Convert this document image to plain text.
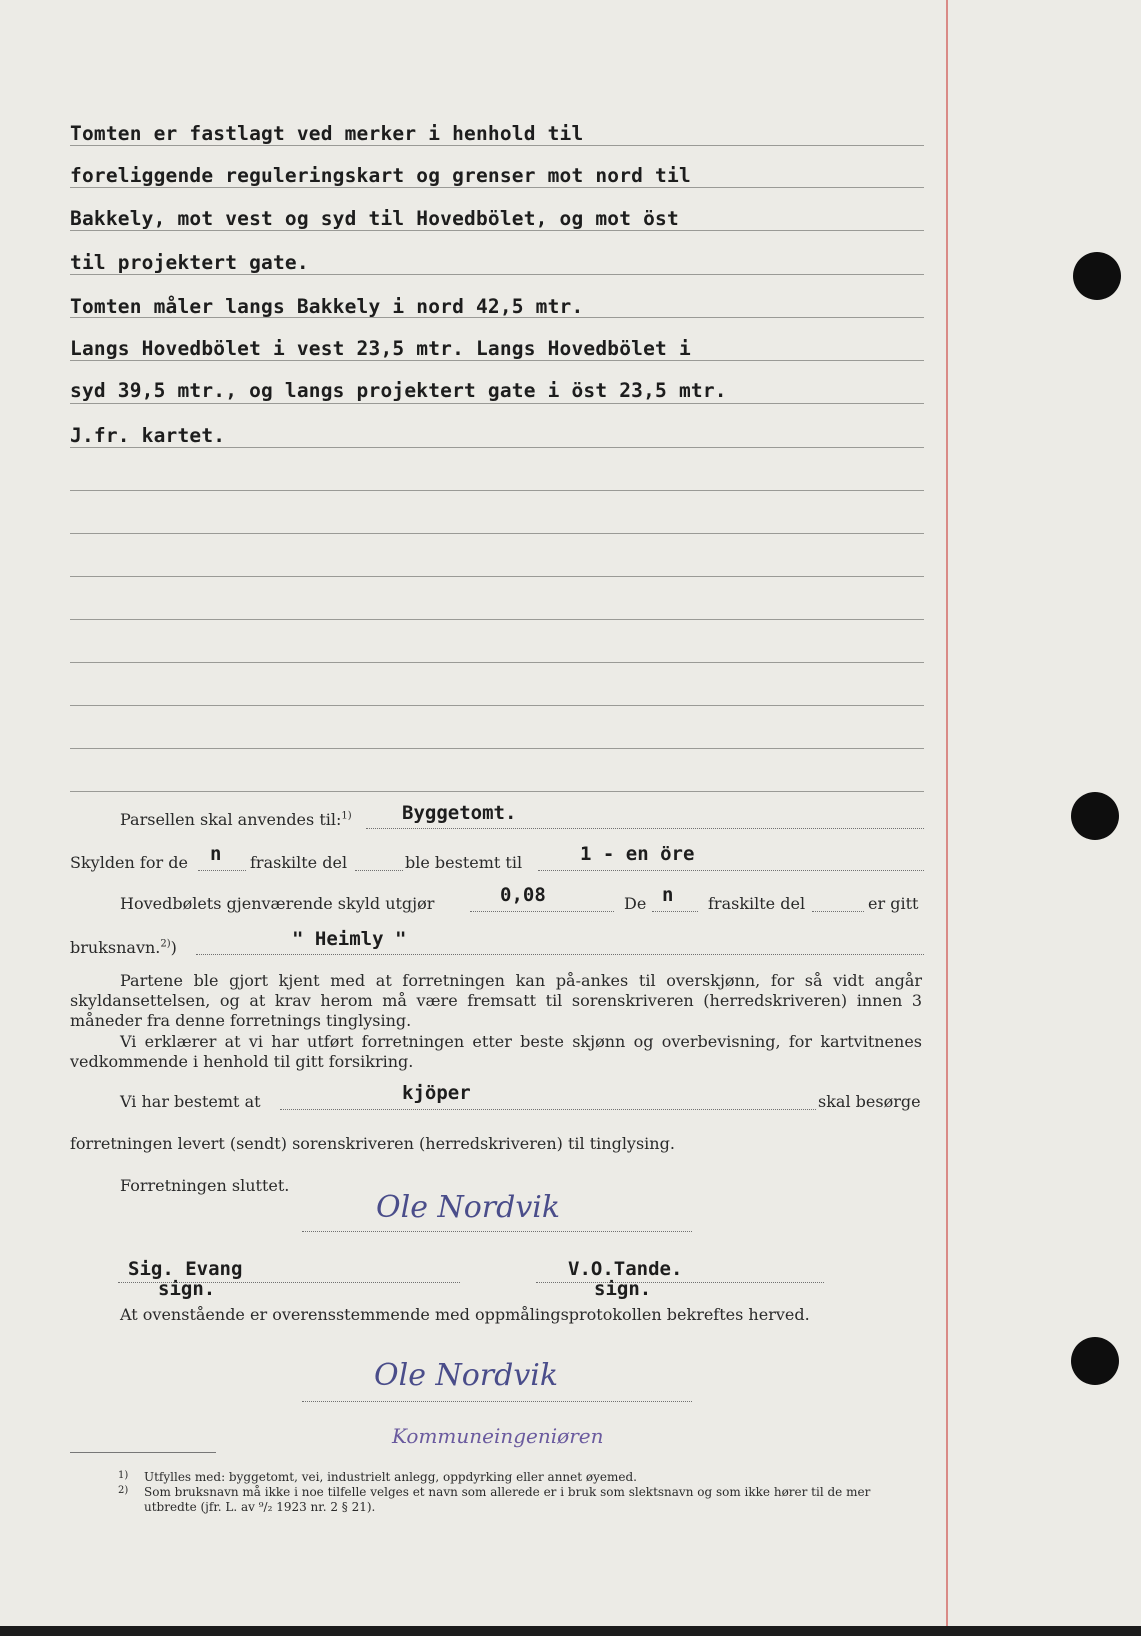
Tomten er fastlagt ved merker i henhold til
foreliggende reguleringskart og grenser mot nord til
Bakkely, mot vest og syd til Hovedbölet, og mot öst
til projektert gate.
Tomten måler langs Bakkely i nord 42,5 mtr.
Langs Hovedbölet i vest 23,5 mtr. Langs Hovedbölet i
syd 39,5 mtr., og langs projektert gate i öst 23,5 mtr.
J.fr. kartet.
Parsellen skal anvendes til:$^{1)}$	Byggetomt.
Skylden for de n fraskilte del	ble bestemt til	1 - en öre
Hovedbølets gjenværende skyld utgjør	0,08	De n fraskilte del	er gitt
bruksnavn.$^{2)}$)	" Heimly "
Partene ble gjort kjent med at forretningen kan på-ankes til overskjønn, for så vidt angår skyldansettelsen, og at krav herom må være fremsatt til sorenskriveren (herredskriveren) innen 3 måneder fra denne forretnings tinglysing.
Vi erklærer at vi har utført forretningen etter beste skjønn og overbevisning, for kartvitnenes vedkommende i henhold til gitt forsikring.
Vi har bestemt at	kjöper	skal besørge
forretningen levert (sendt) sorenskriveren (herredskriveren) til tinglysing.
Forretningen sluttet.
Ole Nordvik
Sig. Evang
sign.
V.O.Tande.
sign.
At ovenstående er overensstemmende med oppmålingsprotokollen bekreftes herved.
Ole Nordvik
Kommuneingeniøren
1) Utfylles med: byggetomt, vei, industrielt anlegg, oppdyrking eller annet øyemed.
2) Som bruksnavn må ikke i noe tilfelle velges et navn som allerede er i bruk som slektsnavn og som ikke hører til de mer utbredte (jfr. L. av ⁹/₂ 1923 nr. 2 § 21).
